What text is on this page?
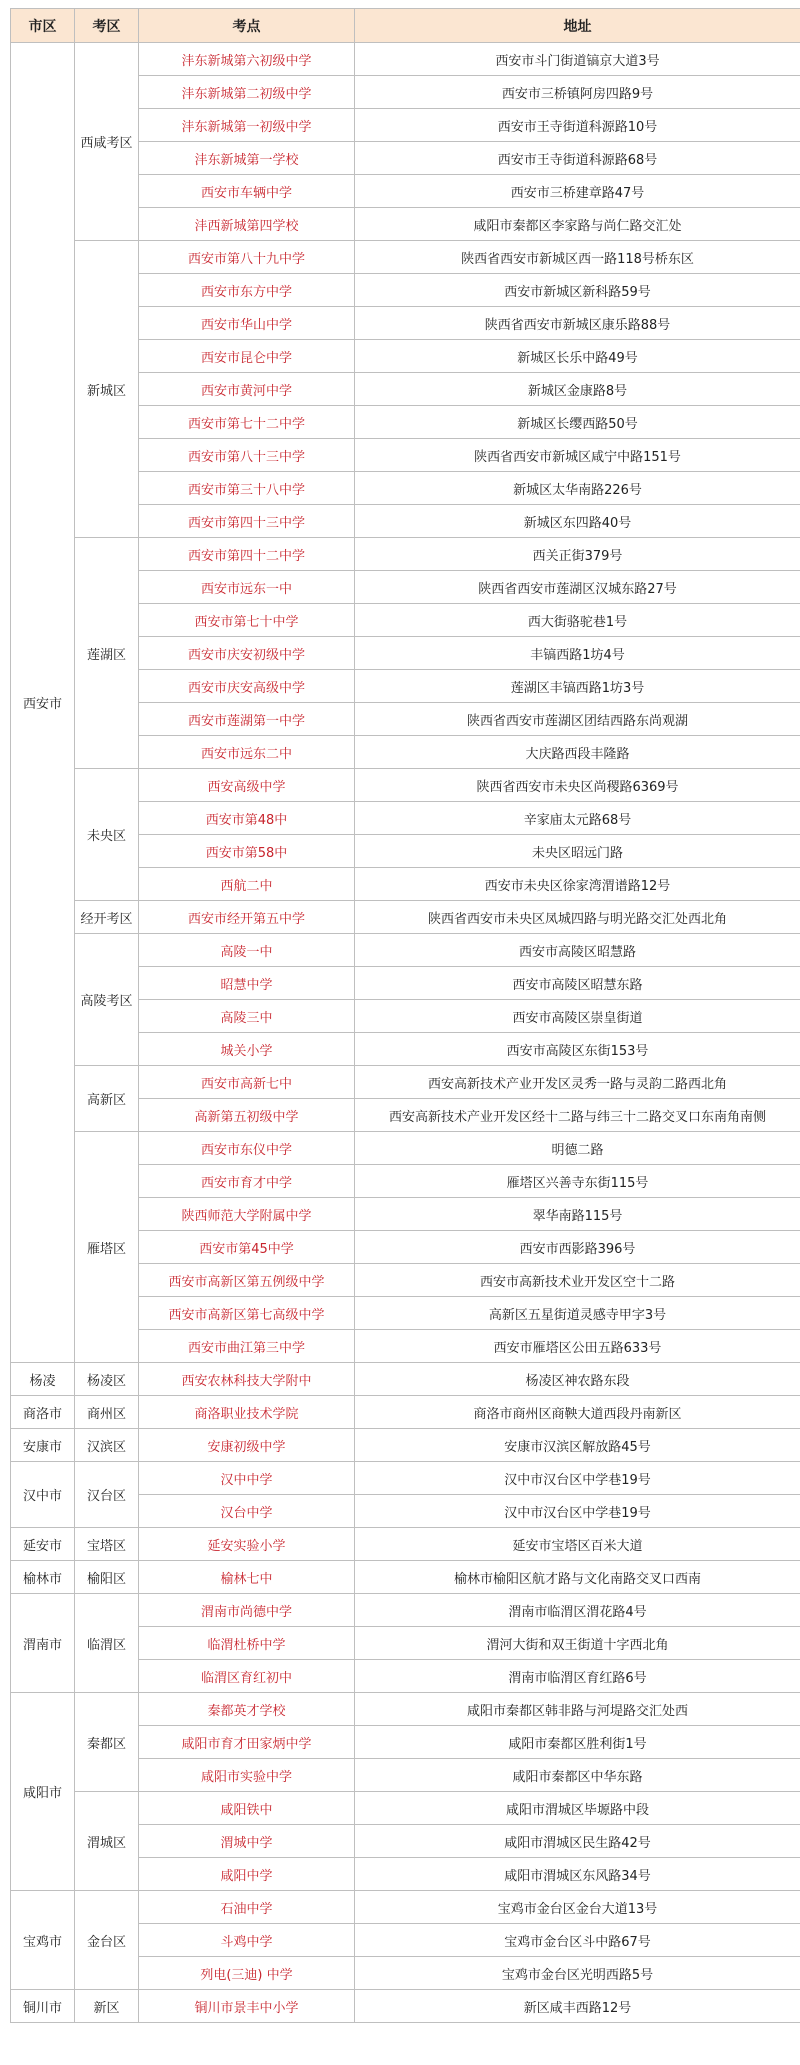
市区	考区	考点	地址
西安市	西咸考区	沣东新城第六初级中学	西安市斗门街道镐京大道3号
		沣东新城第二初级中学	西安市三桥镇阿房四路9号
		沣东新城第一初级中学	西安市王寺街道科源路10号
		沣东新城第一学校	西安市王寺街道科源路68号
		西安市车辆中学	西安市三桥建章路47号
		沣西新城第四学校	咸阳市秦都区李家路与尚仁路交汇处
	新城区	西安市第八十九中学	陕西省西安市新城区西一路118号桥东区
		西安市东方中学	西安市新城区新科路59号
		西安市华山中学	陕西省西安市新城区康乐路88号
		西安市昆仑中学	新城区长乐中路49号
		西安市黄河中学	新城区金康路8号
		西安市第七十二中学	新城区长缨西路50号
		西安市第八十三中学	陕西省西安市新城区咸宁中路151号
		西安市第三十八中学	新城区太华南路226号
		西安市第四十三中学	新城区东四路40号
	莲湖区	西安市第四十二中学	西关正街379号
		西安市远东一中	陕西省西安市莲湖区汉城东路27号
		西安市第七十中学	西大街骆驼巷1号
		西安市庆安初级中学	丰镐西路1坊4号
		西安市庆安高级中学	莲湖区丰镐西路1坊3号
		西安市莲湖第一中学	陕西省西安市莲湖区团结西路东尚观湖
		西安市远东二中	大庆路西段丰隆路
	未央区	西安高级中学	陕西省西安市未央区尚稷路6369号
		西安市第48中	辛家庙太元路68号
		西安市第58中	未央区昭远门路
		西航二中	西安市未央区徐家湾渭谱路12号
	经开考区	西安市经开第五中学	陕西省西安市未央区凤城四路与明光路交汇处西北角
	高陵考区	高陵一中	西安市高陵区昭慧路
		昭慧中学	西安市高陵区昭慧东路
		高陵三中	西安市高陵区崇皇街道
		城关小学	西安市高陵区东街153号
	高新区	西安市高新七中	西安高新技术产业开发区灵秀一路与灵韵二路西北角
		高新第五初级中学	西安高新技术产业开发区经十二路与纬三十二路交叉口东南角南侧
	雁塔区	西安市东仪中学	明德二路
		西安市育才中学	雁塔区兴善寺东街115号
		陕西师范大学附属中学	翠华南路115号
		西安市第45中学	西安市西影路396号
		西安市高新区第五例级中学	西安市高新技术业开发区空十二路
		西安市高新区第七高级中学	高新区五星街道灵感寺甲字3号
		西安市曲江第三中学	西安市雁塔区公田五路633号
杨凌	杨凌区	西安农林科技大学附中	杨凌区神农路东段
商洛市	商州区	商洛职业技术学院	商洛市商州区商鞅大道西段丹南新区
安康市	汉滨区	安康初级中学	安康市汉滨区解放路45号
汉中市	汉台区	汉中中学	汉中市汉台区中学巷19号
		汉台中学	汉中市汉台区中学巷19号
延安市	宝塔区	延安实验小学	延安市宝塔区百米大道
榆林市	榆阳区	榆林七中	榆林市榆阳区航才路与文化南路交叉口西南
渭南市	临渭区	渭南市尚德中学	渭南市临渭区渭花路4号
		临渭杜桥中学	渭河大街和双王街道十字西北角
		临渭区育红初中	渭南市临渭区育红路6号
咸阳市	秦都区	秦都英才学校	咸阳市秦都区韩非路与河堤路交汇处西
		咸阳市育才田家炳中学	咸阳市秦都区胜利街1号
		咸阳市实验中学	咸阳市秦都区中华东路
	渭城区	咸阳铁中	咸阳市渭城区毕塬路中段
		渭城中学	咸阳市渭城区民生路42号
		咸阳中学	咸阳市渭城区东风路34号
宝鸡市	金台区	石油中学	宝鸡市金台区金台大道13号
		斗鸡中学	宝鸡市金台区斗中路67号
		列电(三迪) 中学	宝鸡市金台区光明西路5号
铜川市	新区	铜川市景丰中小学	新区咸丰西路12号
